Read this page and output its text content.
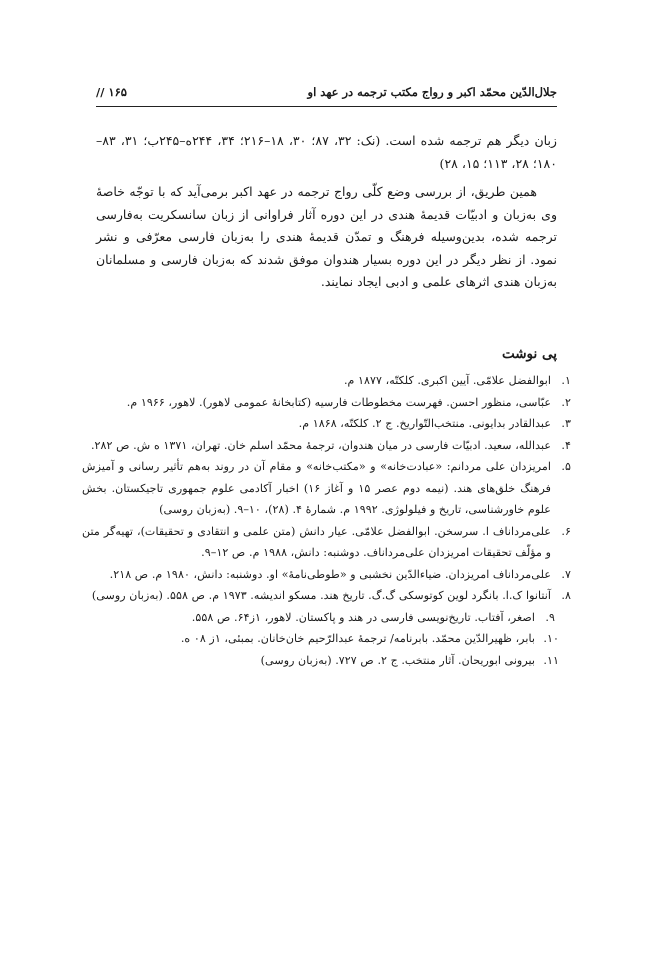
جلال‌الدّین محمّد اکبر و رواج مکتب ترجمه در عهد او
// ۱۶۵

زبان دیگر هم ترجمه شده است. (نک: ۳۲، ۸۷؛ ۳۰، ۱۸–۲۱۶؛ ۳۴، ۲۴۴ه–۲۴۵ب؛ ۳۱، ۸۳–۱۸۰؛ ۲۸، ۱۱۳؛ ۱۵، ۲۸)

همین طریق، از بررسی وضع کلّی رواج ترجمه در عهد اکبر برمی‌آید که با توجّه خاصهٔ وی به‌زبان و ادبیّات قدیمهٔ هندی در این دوره آثار فراوانی از زبان سانسکریت به‌فارسی ترجمه شده، بدین‌وسیله فرهنگ و تمدّن قدیمهٔ هندی را به‌زبان فارسی معرّفی و نشر نمود. از نظر دیگر در این دوره بسیار هندوان موفق شدند که به‌زبان فارسی و مسلمانان به‌زبان هندی اثرهای علمی و ادبی ایجاد نمایند.

پی نوشت
۱.
ابوالفضل علامّی. آیین اکبری. کلکتّه، ۱۸۷۷ م.
۲.
عبّاسی، منظور احسن. فهرست مخطوطات فارسیه (کتابخانهٔ عمومی لاهور). لاهور، ۱۹۶۶ م.
۳.
عبدالقادر بدایونی. منتخب‌التّواریخ. ج ۲. کلکتّه، ۱۸۶۸ م.
۴.
عبدالله، سعید. ادبیّات فارسی در میان هندوان، ترجمهٔ محمّد اسلم خان. تهران، ۱۳۷۱ ه ش. ص ۲۸۲.
۵.
امریزدان علی مردانم: «عبادت‌خانه» و «مکتب‌خانه» و مقام آن در روند به‌هم تأثیر رسانی و آمیزش فرهنگ خلق‌های هند. (نیمه دوم عصر ۱۵ و آغاز ۱۶) اخبار آکادمی علوم جمهوری تاجیکستان. بخش علوم خاورشناسی، تاریخ و فیلولوژی. ۱۹۹۲ م. شمارهٔ ۴. (۲۸)، ۱۰–۹. (به‌زبان روسی)
۶.
علی‌مرداناف ا. سرسخن. ابوالفضل علامّی. عیار دانش (متن علمی و انتقادی و تحقیقات)، تهیه‌گر متن و مؤلّف تحقیقات امریزدان علی‌مرداناف. دوشنبه: دانش، ۱۹۸۸ م. ص ۱۲–۹.
۷.
علی‌مرداناف امریزدان. ضیاءالدّین نخشبی و «طوطی‌نامهٔ» او. دوشنبه: دانش، ۱۹۸۰ م. ص ۲۱۸.
۸.
آنتانوا ک.ا. بانگرد لوین کوتوسکی گ.گ. تاریخ هند. مسکو اندیشه. ۱۹۷۳ م. ص ۵۵۸. (به‌زبان روسی)
۹.
اصغر، آفتاب. تاریخ‌نویسی فارسی در هند و پاکستان. لاهور، ۱ز۶۴. ص ۵۵۸.
۱۰.
بابر، ظهیرالدّین محمّد. بابرنامه/ ترجمهٔ عبدالرّحیم خان‌خانان. بمبئی، ۱ز ۰۸ ه.
۱۱.
بیرونی ابوریحان. آثار منتخب. ج ۲. ص ۷۲۷. (به‌زبان روسی)
